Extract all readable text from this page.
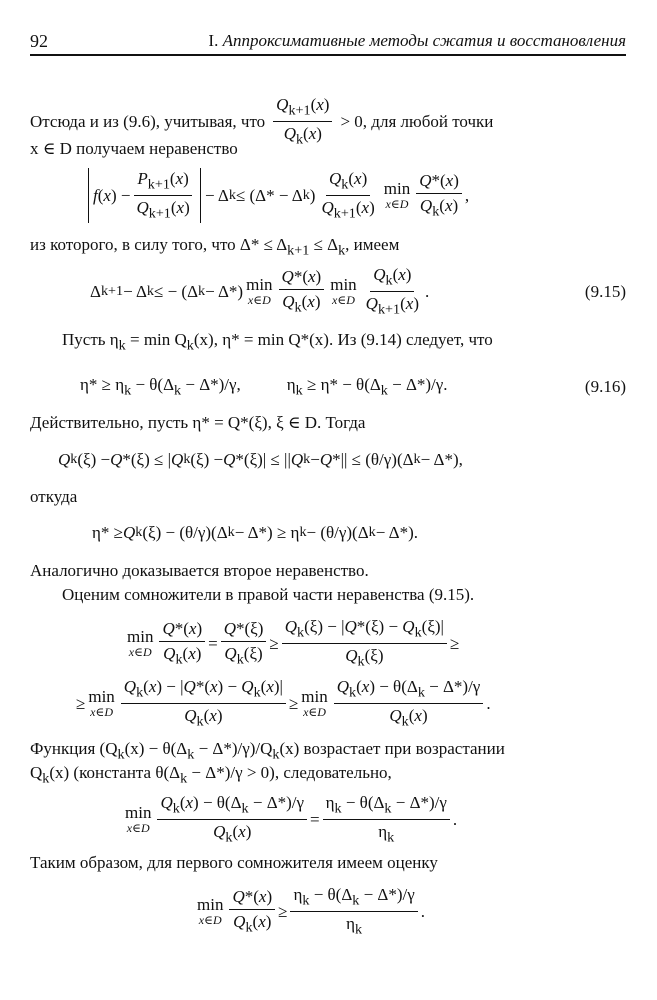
92	I. Аппроксимативные методы сжатия и восстановления
Отсюда и из (9.6), учитывая, что $\frac{Q_{k+1}(x)}{Q_k(x)} > 0$, для любой точки
x ∈ D получаем неравенство
f ( x ) − $\frac{P_{k+1}(x)}{Q_{k+1}(x)} - \Delta$ k ≤ (Δ* − Δ k ) $\frac{Q_k(x)}{Q_{k+1}(x)}$ min
x∈D $\frac{Q*(x)}{Q_k(x)}$ ,
из которого, в силу того, что $\Delta* \le \Delta_{k+1} \le \Delta_k$, имеем
Δ k+1 − Δ k ≤ − (Δ k − Δ*) min
x∈D $\frac{Q*(x)}{Q_k(x)}$ min
x∈D $\frac{Q_k(x)}{Q_{k+1}(x)}$ .	(9.15)
Пусть $\eta_k = \min Q_k(x)$, η* = min Q*(x). Из (9.14) следует, что
$\eta* \ge \eta_k - \theta(\Delta_k - \Delta*)/\gamma$,	$\eta_k \ge \eta* - \theta(\Delta_k - \Delta*)/\gamma$.	(9.16)
Действительно, пусть η* = Q*(ξ), ξ ∈ D. Тогда
Q k (ξ) − Q *(ξ) ≤ | Q k (ξ) − Q *(ξ)| ≤ || Q k − Q *|| ≤ (θ/γ)(Δ k − Δ*),
откуда
η* ≥ Q k (ξ) − (θ/γ)(Δ k − Δ*) ≥ η k − (θ/γ)(Δ k − Δ*).
Аналогично доказывается второе неравенство.
Оценим сомножители в правой части неравенства (9.15).
min
x∈D $\frac{Q*(x)}{Q_k(x)} = \frac{Q*(\xi)}{Q_k(\xi)} \ge \frac{Q_k(\xi) - |Q*(\xi) - Q_k(\xi)|}{Q_k(\xi)}$ ≥
≥ min
x∈D $\frac{Q_k(x) - |Q*(x) - Q_k(x)|}{Q_k(x)} \ge \min$
x∈D $\frac{Q_k(x) - \theta(\Delta_k - \Delta*)/\gamma}{Q_k(x)}$ .
Функция $(Q_k(x) - \theta(\Delta_k - \Delta*)/\gamma)/Q_k(x)$ возрастает при возрастании
$Q_k(x)$ (константа $\theta(\Delta_k - \Delta*)/\gamma > 0$), следовательно,
min
x∈D $\frac{Q_k(x) - \theta(\Delta_k - \Delta*)/\gamma}{Q_k(x)} = \frac{\eta_k - \theta(\Delta_k - \Delta*)/\gamma}{\eta_k}$ .
Таким образом, для первого сомножителя имеем оценку
min
x∈D $\frac{Q*(x)}{Q_k(x)} \ge \frac{\eta_k - \theta(\Delta_k - \Delta*)/\gamma}{\eta_k}$ .
